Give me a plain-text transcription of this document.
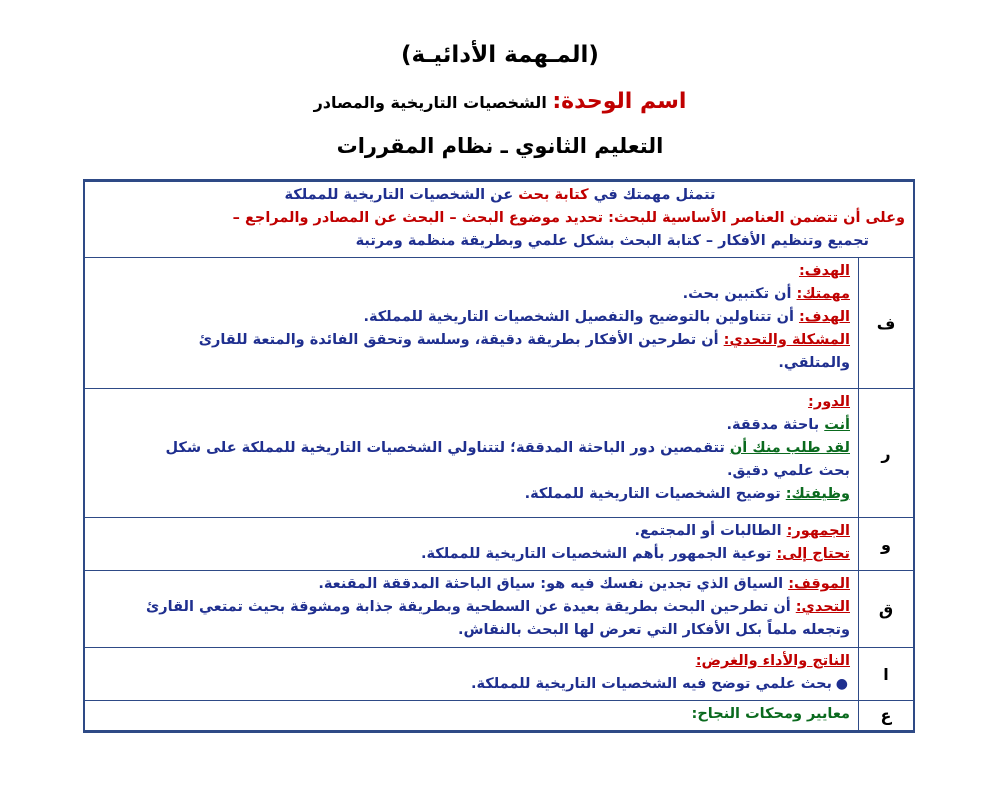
(المـهمة الأدائيـة)
اسم الوحدة: الشخصيات التاريخية والمصادر
التعليم الثانوي ـ نظام المقررات
تتمثل مهمتك في كتابة بحث عن الشخصيات التاريخية للمملكة
وعلى أن تتضمن العناصر الأساسية للبحث: تحديد موضوع البحث – البحث عن المصادر والمراجع –
تجميع وتنظيم الأفكار – كتابة البحث بشكل علمي وبطريقة منظمة ومرتبة	

ف	الهدف:
مهمتك: أن تكتبين بحث.
الهدف: أن تتناولين بالتوضيح والتفصيل الشخصيات التاريخية للمملكة.
المشكلة والتحدي: أن تطرحين الأفكار بطريقة دقيقة، وسلسة وتحقق الفائدة والمتعة للقارئ
والمتلقي.

ر	الدور:
أنت باحثة مدققة.
لقد طلب منك أن تتقمصين دور الباحثة المدققة؛ لتتناولي الشخصيات التاريخية للمملكة على شكل
بحث علمي دقيق.
وظيفتك: توضيح الشخصيات التاريخية للمملكة.

و	الجمهور: الطالبات أو المجتمع.
تحتاج إلى: توعية الجمهور بأهم الشخصيات التاريخية للمملكة.

ق	الموقف: السياق الذي تجدين نفسك فيه هو: سياق الباحثة المدققة المقنعة.
التحدي: أن تطرحين البحث بطريقة بعيدة عن السطحية وبطريقة جذابة ومشوقة بحيث تمتعي القارئ
وتجعله ملماً بكل الأفكار التي تعرض لها البحث بالنقاش.

ا	الناتج والأداء والغرض:
●
بحث علمي توضح فيه الشخصيات التاريخية للمملكة.

ع	معايير ومحكات النجاح:
